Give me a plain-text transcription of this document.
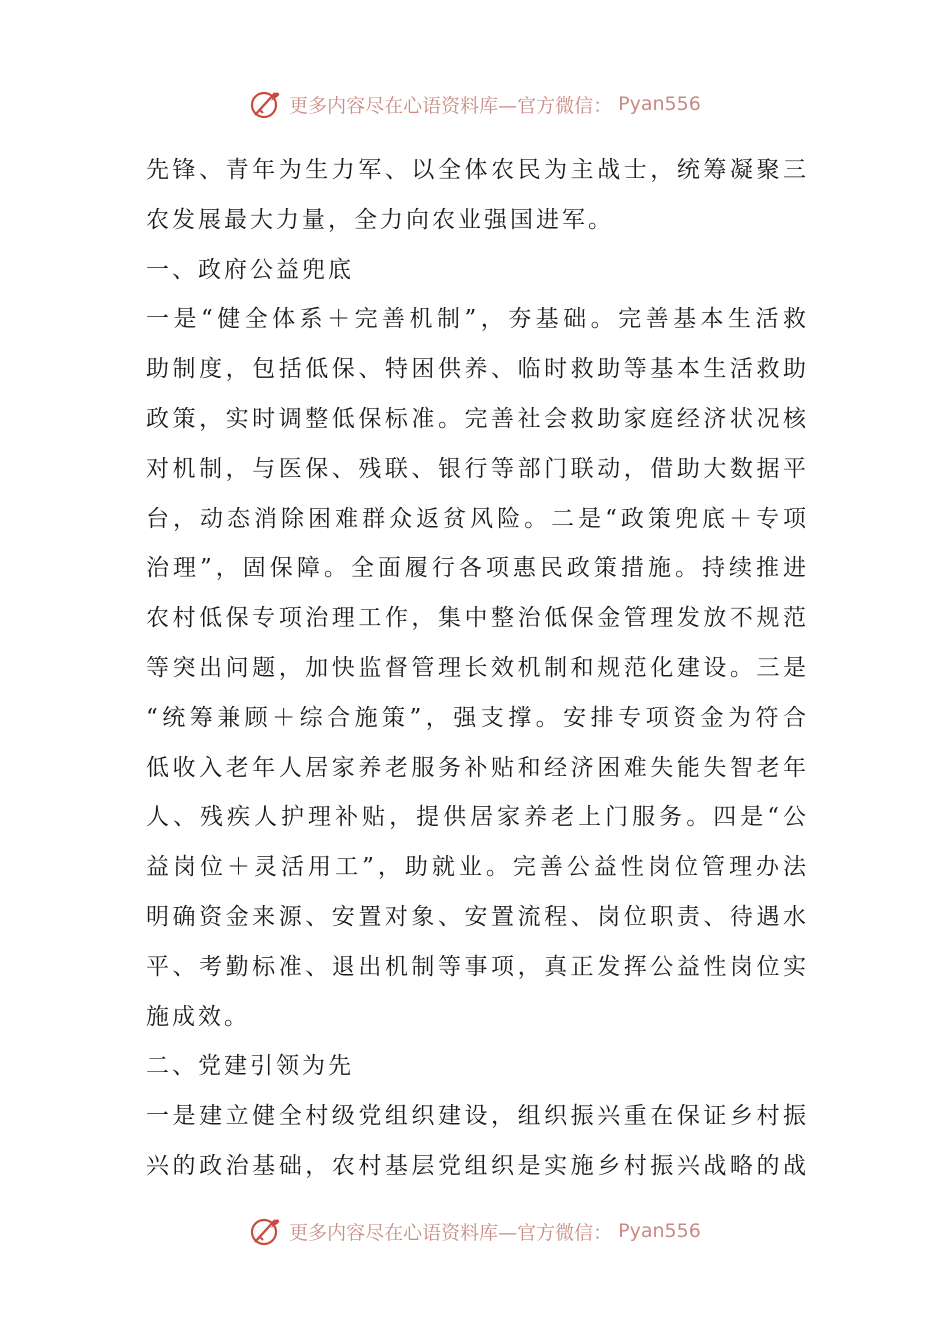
更多内容尽在心语资料库—官方微信： Pyan556
先锋、青年为生力军、以全体农民为主战士，统筹凝聚三
农发展最大力量，全力向农业强国进军。
一、政府公益兜底
一是“健全体系＋完善机制”，夯基础。完善基本生活救
助制度，包括低保、特困供养、临时救助等基本生活救助
政策，实时调整低保标准。完善社会救助家庭经济状况核
对机制，与医保、残联、银行等部门联动，借助大数据平
台，动态消除困难群众返贫风险。二是“政策兜底＋专项
治理”，固保障。全面履行各项惠民政策措施。持续推进
农村低保专项治理工作，集中整治低保金管理发放不规范
等突出问题，加快监督管理长效机制和规范化建设。三是
“统筹兼顾＋综合施策”，强支撑。安排专项资金为符合
低收入老年人居家养老服务补贴和经济困难失能失智老年
人、残疾人护理补贴，提供居家养老上门服务。四是“公
益岗位＋灵活用工”，助就业。完善公益性岗位管理办法
明确资金来源、安置对象、安置流程、岗位职责、待遇水
平、考勤标准、退出机制等事项，真正发挥公益性岗位实
施成效。
二、党建引领为先
一是建立健全村级党组织建设，组织振兴重在保证乡村振
兴的政治基础，农村基层党组织是实施乡村振兴战略的战
更多内容尽在心语资料库—官方微信： Pyan556
